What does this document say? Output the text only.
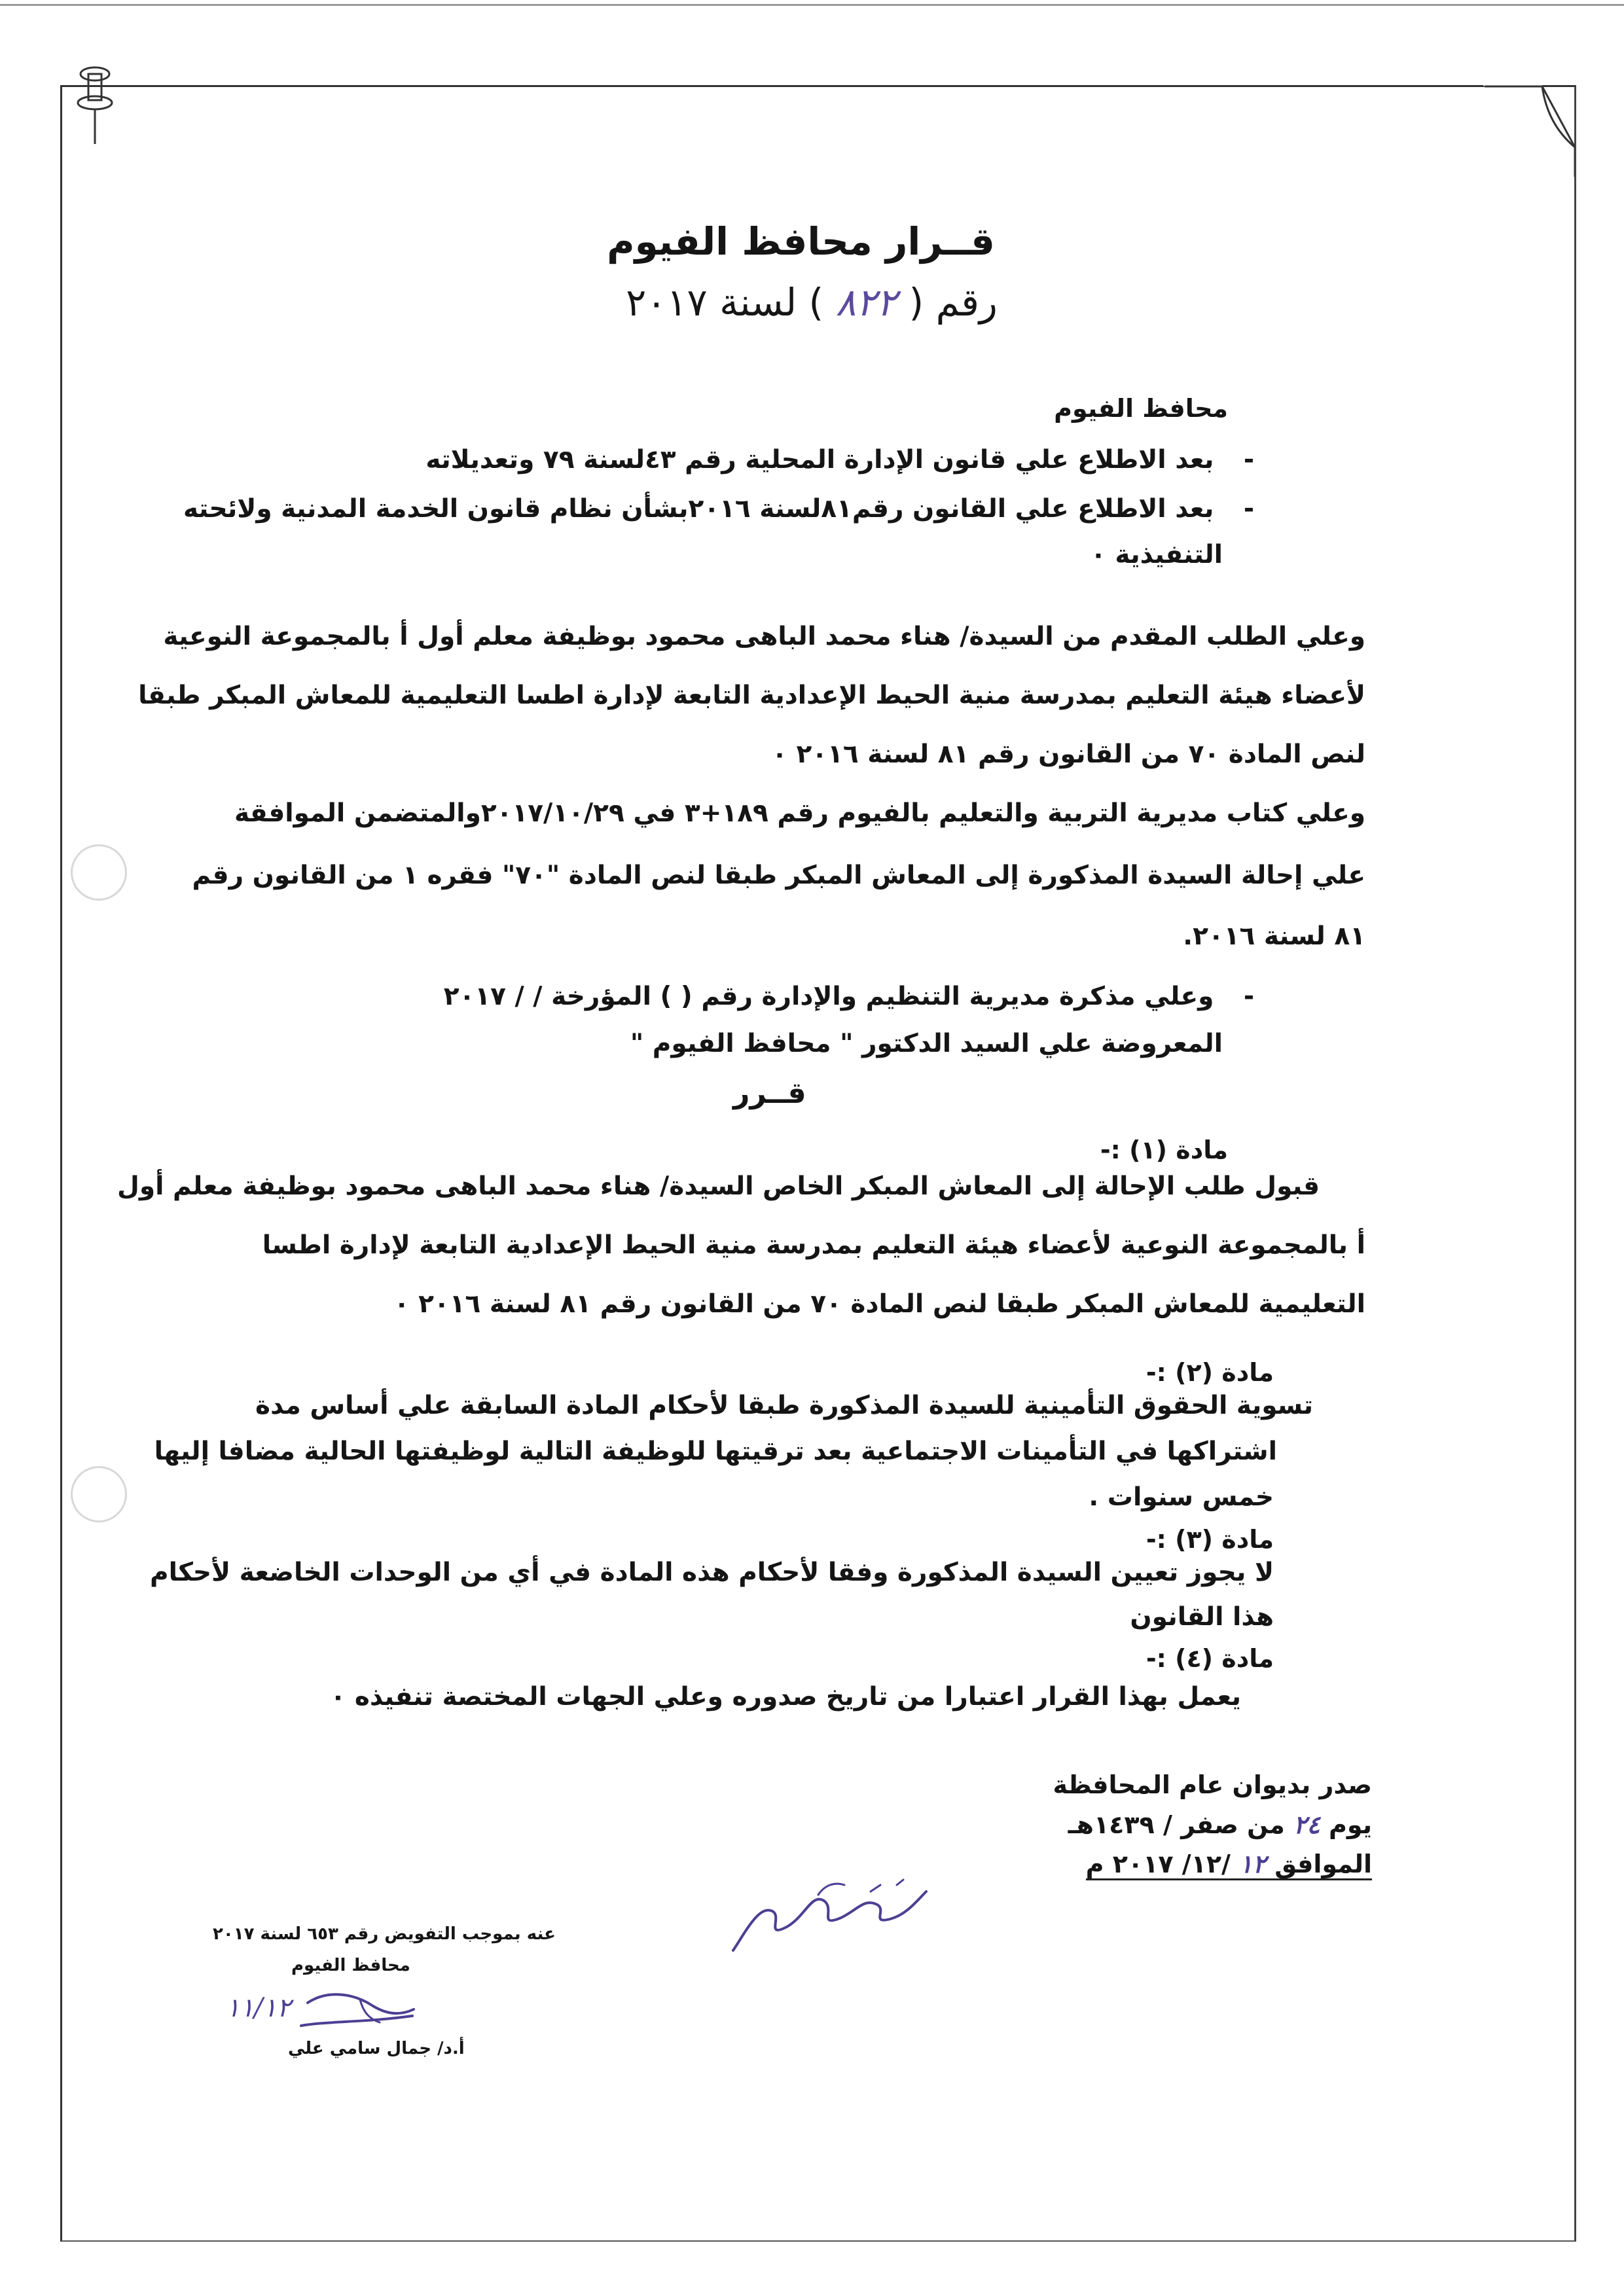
قــرار محافظ الفيوم
رقم ( ٨٢٢ ) لسنة ٢٠١٧
محافظ الفيوم
- بعد الاطلاع علي قانون الإدارة المحلية رقم ٤٣لسنة ٧٩ وتعديلاته
- بعد الاطلاع علي القانون رقم٨١لسنة ٢٠١٦بشأن نظام قانون الخدمة المدنية ولائحته
التنفيذية ٠
وعلي الطلب المقدم من السيدة/ هناء محمد الباهى محمود بوظيفة معلم أول أ بالمجموعة النوعية
لأعضاء هيئة التعليم بمدرسة منية الحيط الإعدادية التابعة لإدارة اطسا التعليمية للمعاش المبكر طبقا
لنص المادة ٧٠ من القانون رقم ٨١ لسنة ٢٠١٦ ٠
وعلي كتاب مديرية التربية والتعليم بالفيوم رقم ١٨٩+٣ في ٢٠١٧/١٠/٢٩والمتضمن الموافقة
علي إحالة السيدة المذكورة إلى المعاش المبكر طبقا لنص المادة "٧٠" فقره ١ من القانون رقم
٨١ لسنة ٢٠١٦.
- وعلي مذكرة مديرية التنظيم والإدارة رقم ( ) المؤرخة / / ٢٠١٧
المعروضة علي السيد الدكتور " محافظ الفيوم "
قــرر
مادة (١) :-
قبول طلب الإحالة إلى المعاش المبكر الخاص السيدة/ هناء محمد الباهى محمود بوظيفة معلم أول
أ بالمجموعة النوعية لأعضاء هيئة التعليم بمدرسة منية الحيط الإعدادية التابعة لإدارة اطسا
التعليمية للمعاش المبكر طبقا لنص المادة ٧٠ من القانون رقم ٨١ لسنة ٢٠١٦ ٠
مادة (٢) :-
تسوية الحقوق التأمينية للسيدة المذكورة طبقا لأحكام المادة السابقة علي أساس مدة
اشتراكها في التأمينات الاجتماعية بعد ترقيتها للوظيفة التالية لوظيفتها الحالية مضافا إليها
خمس سنوات .
مادة (٣) :-
لا يجوز تعيين السيدة المذكورة وفقا لأحكام هذه المادة في أي من الوحدات الخاضعة لأحكام
هذا القانون
مادة (٤) :-
يعمل بهذا القرار اعتبارا من تاريخ صدوره وعلي الجهات المختصة تنفيذه ٠
صدر بديوان عام المحافظة
يوم ٢٤ من صفر / ١٤٣٩هـ
الموافق ١٢ /١٢/ ٢٠١٧ م
عنه بموجب التفويض رقم ٦٥٣ لسنة ٢٠١٧
محافظ الفيوم
١١/١٢
أ.د/ جمال سامي علي
